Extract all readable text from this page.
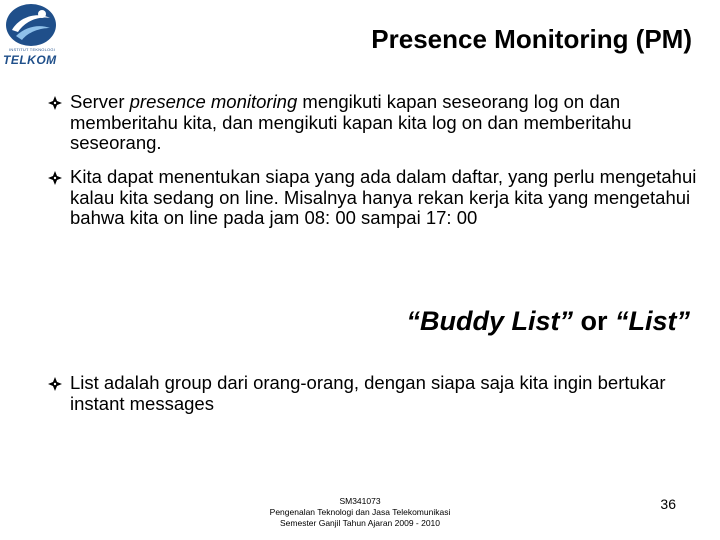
INSTITUT TEKNOLOGI
TELKOM
Presence Monitoring (PM)
Server presence monitoring mengikuti kapan seseorang log on dan memberitahu kita, dan mengikuti kapan kita log on dan memberitahu seseorang.
Kita dapat menentukan siapa yang ada dalam daftar, yang perlu mengetahui kalau kita sedang on line. Misalnya hanya rekan kerja kita yang mengetahui bahwa kita on line pada jam 08: 00 sampai 17: 00
“Buddy List” or “List”
List adalah group dari orang-orang, dengan siapa saja kita ingin bertukar instant messages
SM341073
Pengenalan Teknologi dan Jasa Telekomunikasi
Semester Ganjil Tahun Ajaran 2009 - 2010
36
